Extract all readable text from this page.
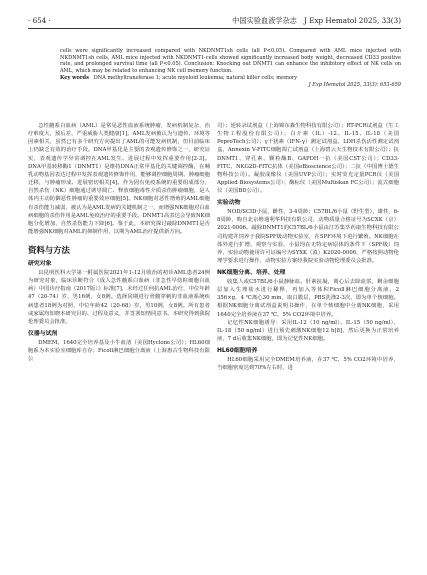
· 654 ·	中国实验血液学杂志　J Exp Hematol 2025, 33(3)

cells were significantly increased compared with NKDNMT1sh cells (all P<0.05). Compared with AML mice injected with NKDNMT1sh cells, AML mice injected with NKDNMT1-cells showed significantly increased body weight, decreased CD33 positive rate, and prolonged survival time (all P<0.05). Conclusion: Knocking out DNMT1 can enhance the inhibitory effect of NK cells on AML, which may be related to enhancing NK cell memory function.

Key words DNA methyltransferase 1; acute myeloid leukemia; natural killer cells; memory

J Exp Hematol 2025, 33(3): 653-659

急性髓系白血病（AML）是常见恶性血液系统肿瘤，发病机制复杂，治疗难度大，预后差，严重威胁人类健康[1]。AML发病被认为与遗传、环境等因素相关，虽然已有多个研究方向提出了AML的可能发病机制，但目前临床上仍缺乏有效的治疗手段。DNA甲基化是主要的表观遗传修饰之一，研究证实，表观遗传学异常调控在AML发生、进展过程中发挥重要作用[2-3]。DNA甲基转移酶1（DNMT1）是维持DNA正常甲基化的关键调控酶，在哺乳动物基因表达过程中发挥表观遗传修饰作用，能够调控细胞周期、肿瘤细胞迁移，与肿瘤形成、进展密切相关[4]。作为固有免疫系统的重要组成部分，自然杀伤（NK）细胞通过诱导凋亡、释放细胞毒性介质杀伤肿瘤细胞，是人体内主动防御恶性肿瘤的重要效应细胞[5]。NK细胞对恶性增殖的AML细胞有杀伤能力减弱，被认为是AML发病的关键机制之一，而增强NK细胞对白血病细胞的杀伤作用是AML免疫治疗的重要手段。DNMT1高表达会导致NK细胞分化增加，自然杀伤能力下降[6]。鉴于此，本研究探讨敲除DNMT1是否能增强NK细胞对AML的抑制作用，以期为AML治疗提供新方向。

资料与方法
研究对象

以昆明医科大学第一附属医院2021年1-12月收治的初诊AML患者24例为研究对象，临床诊断符合《成人急性髓系白血病（非急性早幼粒细胞白血病）中国诊疗指南（2017版）》标准[7]，未经过任何抗AML治疗，中位年龄47（20-74）岁，男16例，女8例。选择同期进行骨髓穿刺的非血液系统疾病患者18例为对照，中位年龄42（20-68）岁，男10例，女8例。所有患者或家属均知晓本研究目的、过程及意义，并签署知情同意书。本研究得到我院伦理委员会批准。

仪器与试剂

DMEM、1640完全培养基及小牛血清（美国Hyclone公司）；HL60细胞系为本实验室细胞库自存；Ficoll淋巴细胞分离液（上海惠古生物科技有限公

司）；逆转录试剂盒（上海锦东森生物科技有限公司）；RT-PCR试剂盒（生工生物工程股份有限公司）；白介素（IL）-12、IL-15、IL-18（美国PeproTech公司）；γ干扰素（IFN-γ）测定试剂盒、LDH杀伤活性测定试剂盒、Annexin V-FITC细胞凋亡试剂盒（上海碧云天生物技术有限公司）；抗DNMT1、穿孔素、颗粒酶B、GAPDH一抗（美国CST公司）；CD33-FITC、NKG2D-FITC抗体（美国eBioscience公司）；二抗（中国博士德生物科技公司）。凝胶成像仪（美国UVP公司）；实时荧光定量PCR仪（美国Applied Biosystems公司）；酶标仪（美国Multiskan FC公司）；流式细胞仪（美国BD公司）。

实验动物

NOD/SCID小鼠，雌性，3-4周龄；C57BL/6小鼠（野生型），雄性，6-8周龄，购自北京维通利华科技有限公司，动物质量合格证号为SCXK（京）2021-0006。敲除DNMT1的C57BL/6小鼠由江苏集萃药康生物科技有限公司构建并饲养于我院SPF级动物实验室，在SPF环境下进行繁殖。NK细胞在体外进行扩增、观察与实验，小鼠均在无特定病原体的条件下（SPF级）饲养，实验动物使用许可证编号为SYXK（滇）K2020-0006，严格按照动物伦理学要求进行操作，动物实验方案经我院实验动物伦理委员会批准。

NK细胞分离、培养、处理

收集人或C57BL/6小鼠静脉血、肝素抗凝，离心后去除血浆，剩余细胞层加入生理盐水进行稀释，再加入等体积Ficoll淋巴细胞分离液，2 356×g，4 ℃离心30 min，取白膜层，PBS洗涤2-3次，即为单个核细胞。根据NK细胞分离试剂盒说明书操作，在单个核细胞中分离NK细胞，采用1640完全培养液在37 ℃、5% CO2环境中培养。

记忆性NK细胞诱导：采用IL-12（10 ng/ml）、IL-15（50 ng/ml）、IL-18（50 ng/ml）进行预先刺激NK细胞12 h[8]，然后更换为正常培养液，7 d后收集NK细胞，即为记忆性NK细胞。

HL60细胞培养

HL60细胞采用完全DMEM培养液，在37 ℃、5% CO2环境中培养，当细胞密度达到70%左右时，进
